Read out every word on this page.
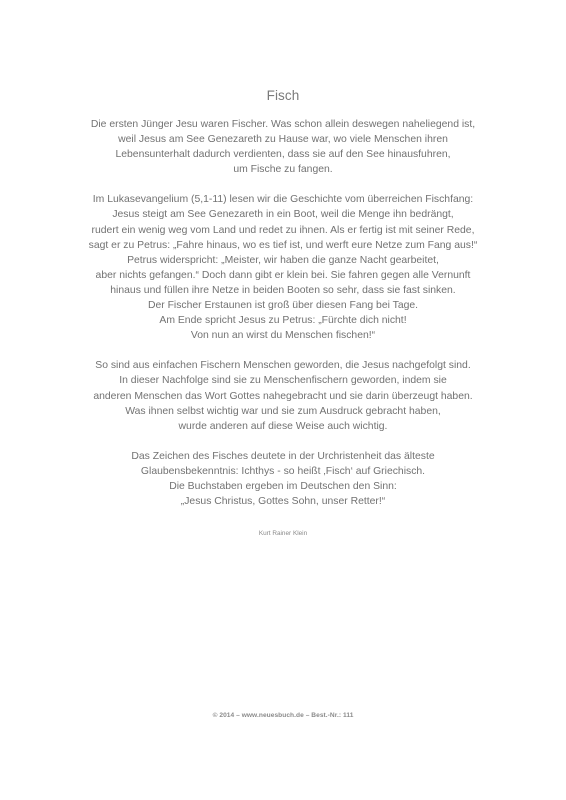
Fisch

Die ersten Jünger Jesu waren Fischer. Was schon allein deswegen naheliegend ist,
weil Jesus am See Genezareth zu Hause war, wo viele Menschen ihren
Lebensunterhalt dadurch verdienten, dass sie auf den See hinausfuhren,
um Fische zu fangen.

Im Lukasevangelium (5,1-11) lesen wir die Geschichte vom überreichen Fischfang:
Jesus steigt am See Genezareth in ein Boot, weil die Menge ihn bedrängt,
rudert ein wenig weg vom Land und redet zu ihnen. Als er fertig ist mit seiner Rede,
sagt er zu Petrus: „Fahre hinaus, wo es tief ist, und werft eure Netze zum Fang aus!“
Petrus widerspricht: „Meister, wir haben die ganze Nacht gearbeitet,
aber nichts gefangen.“ Doch dann gibt er klein bei. Sie fahren gegen alle Vernunft
hinaus und füllen ihre Netze in beiden Booten so sehr, dass sie fast sinken.
Der Fischer Erstaunen ist groß über diesen Fang bei Tage.
Am Ende spricht Jesus zu Petrus: „Fürchte dich nicht!
Von nun an wirst du Menschen fischen!“

So sind aus einfachen Fischern Menschen geworden, die Jesus nachgefolgt sind.
In dieser Nachfolge sind sie zu Menschenfischern geworden, indem sie
anderen Menschen das Wort Gottes nahegebracht und sie darin überzeugt haben.
Was ihnen selbst wichtig war und sie zum Ausdruck gebracht haben,
wurde anderen auf diese Weise auch wichtig.

Das Zeichen des Fisches deutete in der Urchristenheit das älteste
Glaubensbekenntnis: Ichthys - so heißt ‚Fisch‘ auf Griechisch.
Die Buchstaben ergeben im Deutschen den Sinn:
„Jesus Christus, Gottes Sohn, unser Retter!“

Kurt Rainer Klein
© 2014 – www.neuesbuch.de – Best.-Nr.: 111
